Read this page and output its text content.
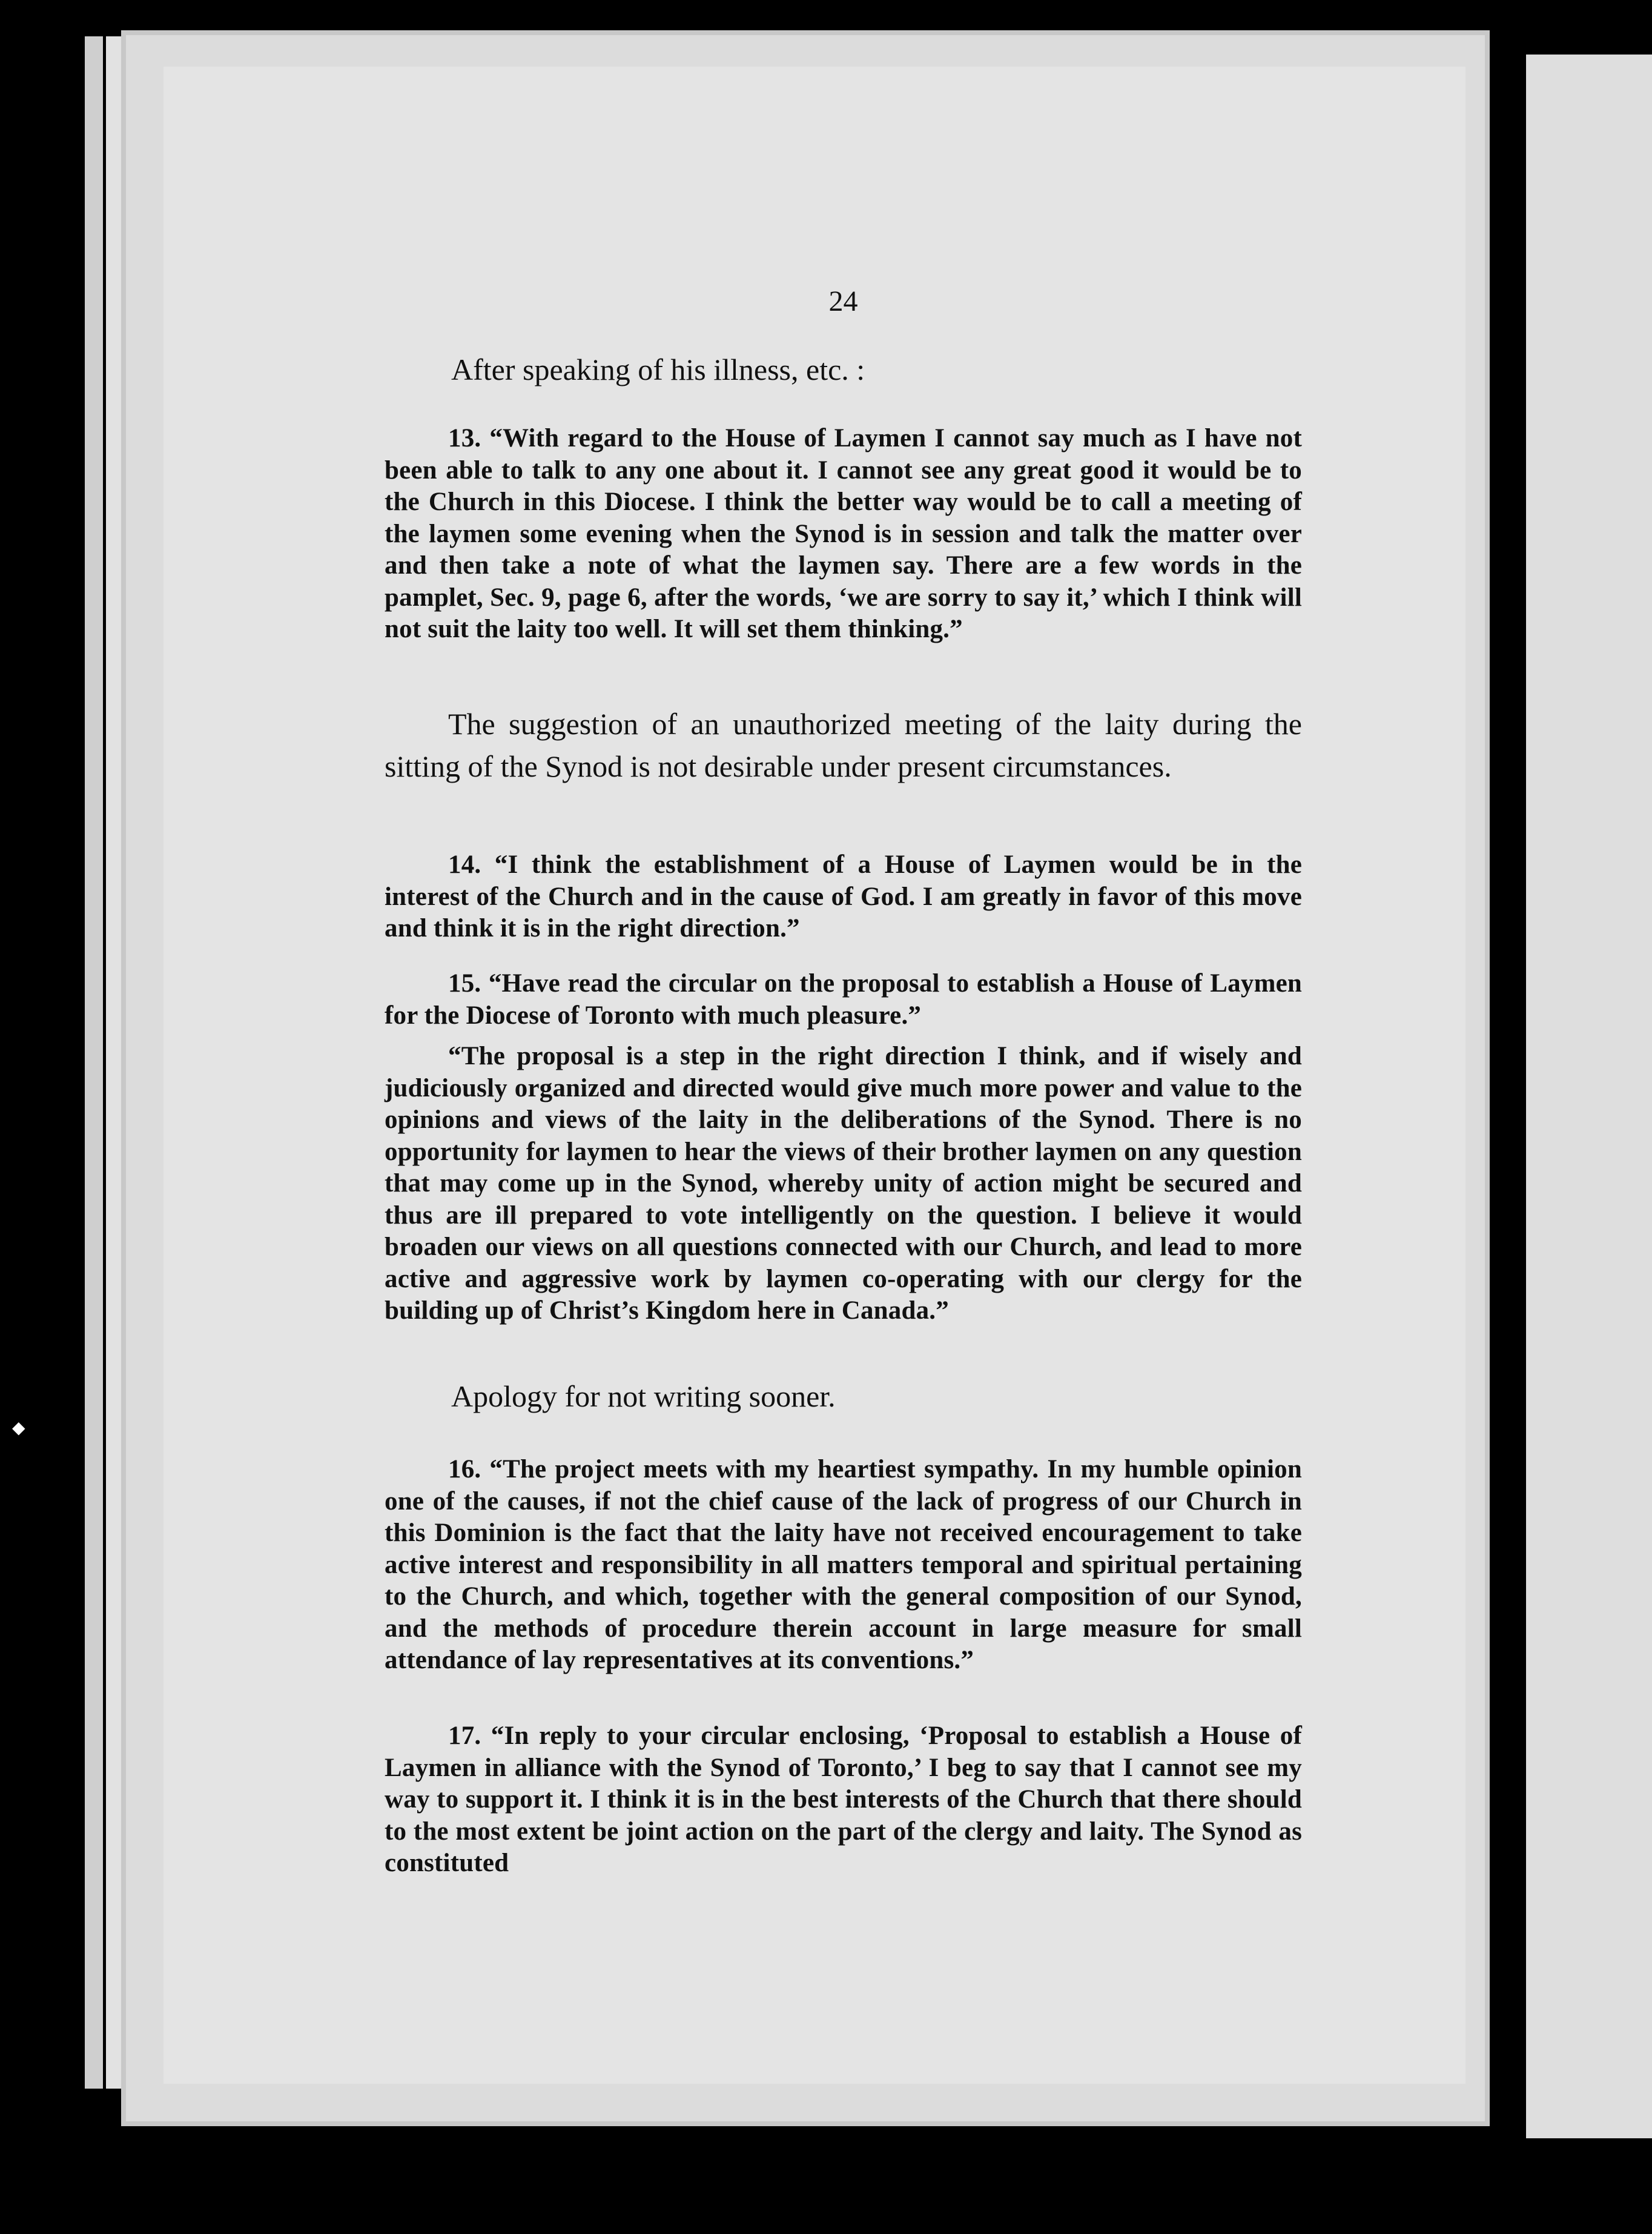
24

After speaking of his illness, etc. :

13. “With regard to the House of Laymen I cannot say much as I have not been able to talk to any one about it. I cannot see any great good it would be to the Church in this Diocese. I think the better way would be to call a meeting of the laymen some evening when the Synod is in session and talk the matter over and then take a note of what the laymen say. There are a few words in the pamplet, Sec. 9, page 6, after the words, ‘we are sorry to say it,’ which I think will not suit the laity too well. It will set them thinking.”

The suggestion of an unauthorized meeting of the laity during the sitting of the Synod is not desirable under present circumstances.

14. “I think the establishment of a House of Laymen would be in the interest of the Church and in the cause of God. I am greatly in favor of this move and think it is in the right direction.”

15. “Have read the circular on the proposal to establish a House of Laymen for the Diocese of Toronto with much pleasure.”

“The proposal is a step in the right direction I think, and if wisely and judiciously organized and directed would give much more power and value to the opinions and views of the laity in the deliberations of the Synod. There is no opportunity for laymen to hear the views of their brother laymen on any question that may come up in the Synod, whereby unity of action might be secured and thus are ill prepared to vote intelligently on the question. I believe it would broaden our views on all questions connected with our Church, and lead to more active and aggressive work by laymen co-operating with our clergy for the building up of Christ’s Kingdom here in Canada.”

Apology for not writing sooner.

16. “The project meets with my heartiest sympathy. In my humble opinion one of the causes, if not the chief cause of the lack of progress of our Church in this Dominion is the fact that the laity have not received encouragement to take active interest and responsibility in all matters temporal and spiritual pertaining to the Church, and which, together with the general composition of our Synod, and the methods of procedure therein account in large measure for small attendance of lay representatives at its conventions.”

17. “In reply to your circular enclosing, ‘Proposal to establish a House of Laymen in alliance with the Synod of Toronto,’ I beg to say that I cannot see my way to support it. I think it is in the best interests of the Church that there should to the most extent be joint action on the part of the clergy and laity. The Synod as constituted

◆
